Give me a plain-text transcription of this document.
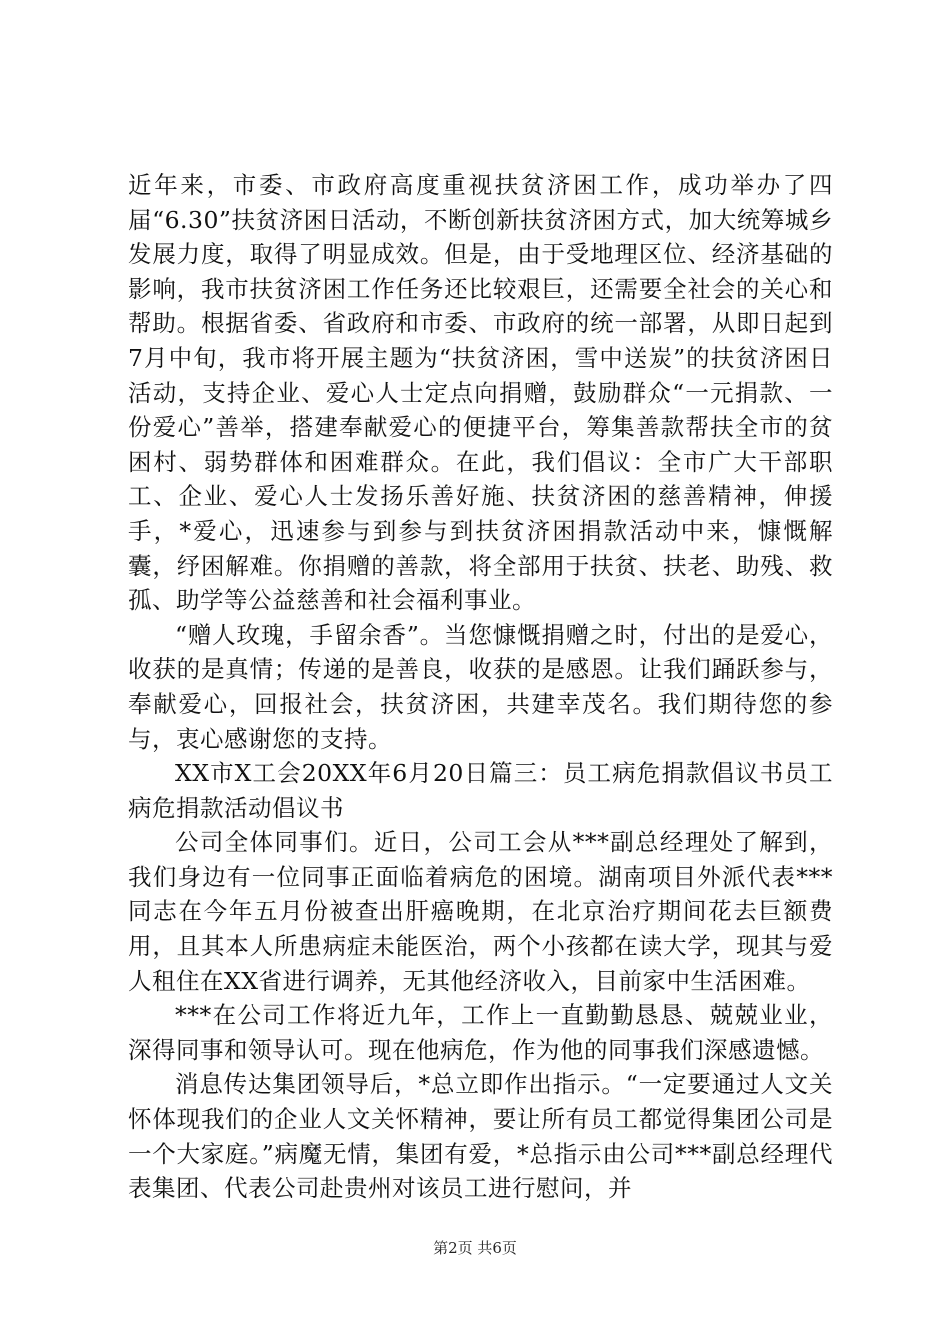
近年来，市委、市政府高度重视扶贫济困工作，成功举办了四届“6.30”扶贫济困日活动，不断创新扶贫济困方式，加大统筹城乡发展力度，取得了明显成效。但是，由于受地理区位、经济基础的影响，我市扶贫济困工作任务还比较艰巨，还需要全社会的关心和帮助。根据省委、省政府和市委、市政府的统一部署，从即日起到7月中旬，我市将开展主题为“扶贫济困，雪中送炭”的扶贫济困日活动，支持企业、爱心人士定点向捐赠，鼓励群众“一元捐款、一份爱心”善举，搭建奉献爱心的便捷平台，筹集善款帮扶全市的贫困村、弱势群体和困难群众。在此，我们倡议：全市广大干部职工、企业、爱心人士发扬乐善好施、扶贫济困的慈善精神，伸援手，*爱心，迅速参与到参与到扶贫济困捐款活动中来，慷慨解囊，纾困解难。你捐赠的善款，将全部用于扶贫、扶老、助残、救孤、助学等公益慈善和社会福利事业。

“赠人玫瑰，手留余香”。当您慷慨捐赠之时，付出的是爱心，收获的是真情；传递的是善良，收获的是感恩。让我们踊跃参与，奉献爱心，回报社会，扶贫济困，共建幸茂名。我们期待您的参与，衷心感谢您的支持。

XX市X工会20XX年6月20日篇三：员工病危捐款倡议书员工病危捐款活动倡议书

公司全体同事们。近日，公司工会从***副总经理处了解到，我们身边有一位同事正面临着病危的困境。湖南项目外派代表***同志在今年五月份被查出肝癌晚期，在北京治疗期间花去巨额费用，且其本人所患病症未能医治，两个小孩都在读大学，现其与爱人租住在XX省进行调养，无其他经济收入，目前家中生活困难。

***在公司工作将近九年，工作上一直勤勤恳恳、兢兢业业，深得同事和领导认可。现在他病危，作为他的同事我们深感遗憾。

消息传达集团领导后，*总立即作出指示。“一定要通过人文关怀体现我们的企业人文关怀精神，要让所有员工都觉得集团公司是一个大家庭。”病魔无情，集团有爱，*总指示由公司***副总经理代表集团、代表公司赴贵州对该员工进行慰问，并

第2页 共6页
